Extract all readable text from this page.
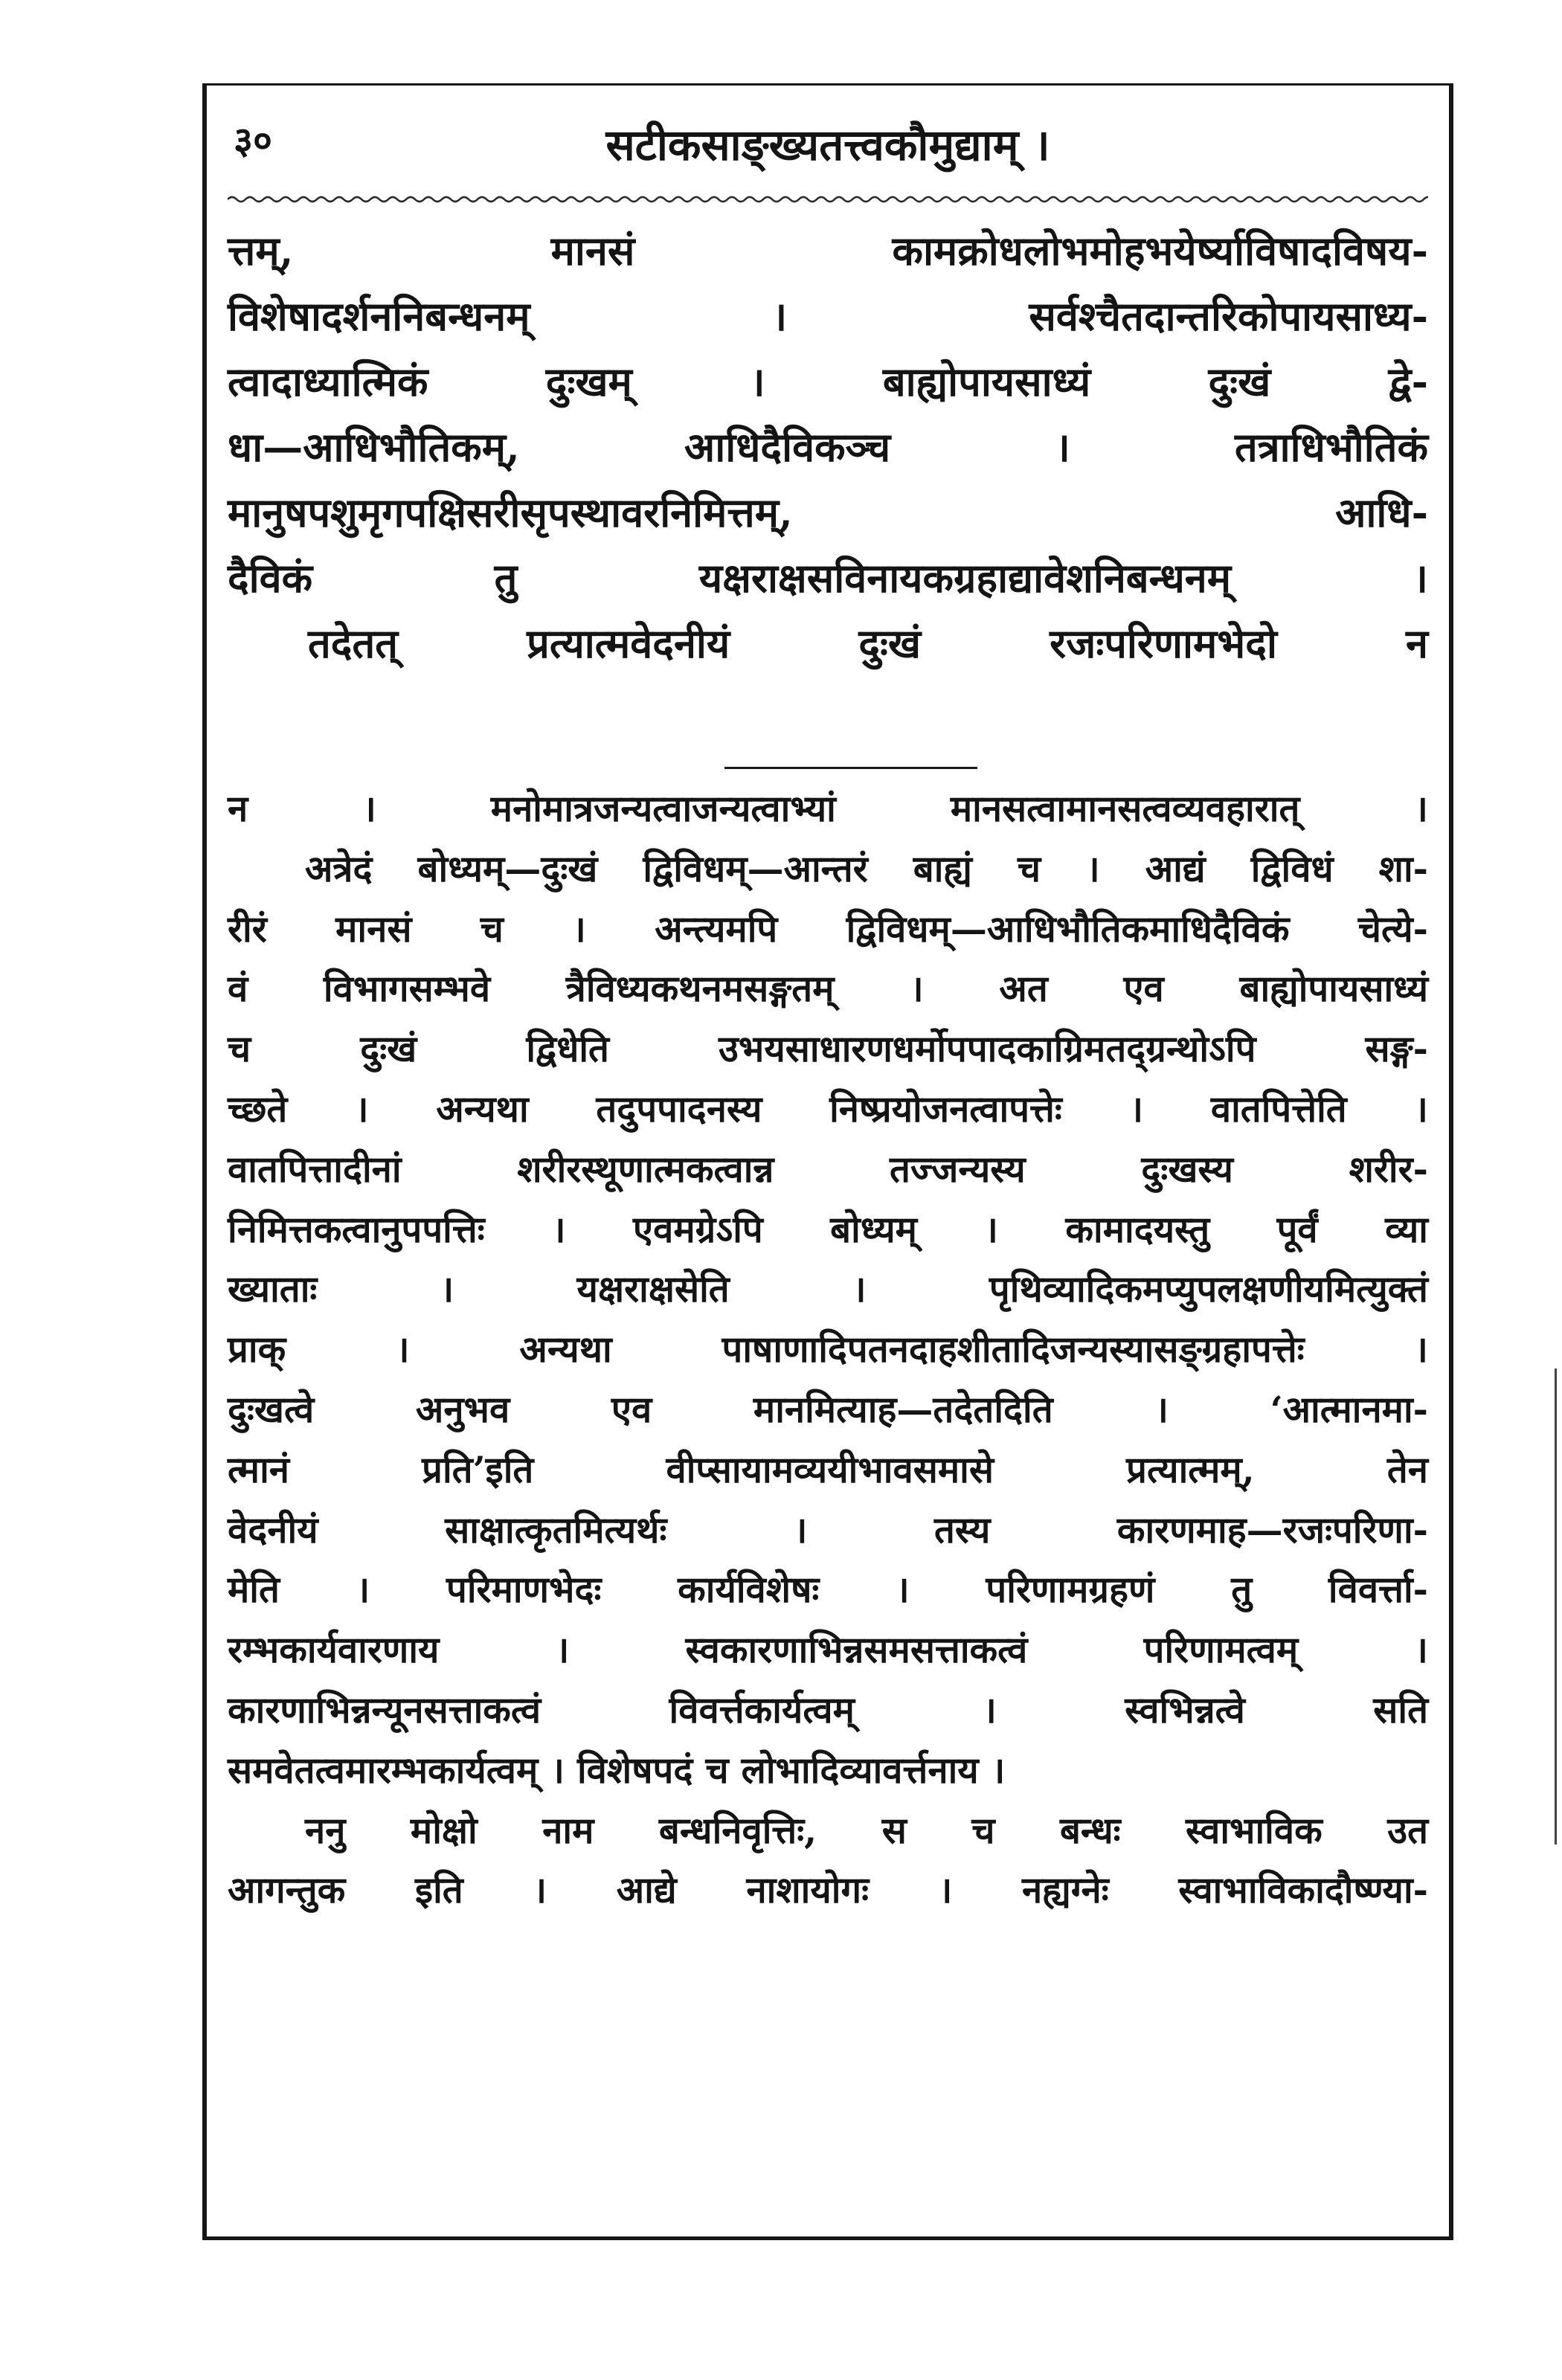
३०	सटीकसाङ्ख्यतत्त्वकौमुद्याम् ।
त्तम्, मानसं कामक्रोधलोभमोहभयेर्ष्याविषादविषय-
विशेषादर्शननिबन्धनम् । सर्वश्चैतदान्तरिकोपायसाध्य-
त्वादाध्यात्मिकं दुःखम् । बाह्योपायसाध्यं दुःखं द्वे-
धा—आधिभौतिकम्, आधिदैविकञ्च । तत्राधिभौतिकं
मानुषपशुमृगपक्षिसरीसृपस्थावरनिमित्तम्, आधि-
दैविकं तु यक्षराक्षसविनायकग्रहाद्यावेशनिबन्धनम् ।
तदेतत् प्रत्यात्मवेदनीयं दुःखं रजःपरिणामभेदो न
न । मनोमात्रजन्यत्वाजन्यत्वाभ्यां मानसत्वामानसत्वव्यवहारात् ।
अत्रेदं बोध्यम्—दुःखं द्विविधम्—आन्तरं बाह्यं च । आद्यं द्विविधं शा-
रीरं मानसं च । अन्त्यमपि द्विविधम्—आधिभौतिकमाधिदैविकं चेत्ये-
वं विभागसम्भवे त्रैविध्यकथनमसङ्गतम् । अत एव बाह्योपायसाध्यं
च दुःखं द्विधेति उभयसाधारणधर्मोपपादकाग्रिमतद्ग्रन्थोऽपि सङ्ग-
च्छते । अन्यथा तदुपपादनस्य निष्प्रयोजनत्वापत्तेः । वातपित्तेति ।
वातपित्तादीनां शरीरस्थूणात्मकत्वान्न तज्जन्यस्य दुःखस्य शरीर-
निमित्तकत्वानुपपत्तिः । एवमग्रेऽपि बोध्यम् । कामादयस्तु पूर्वं व्या
ख्याताः । यक्षराक्षसेति । पृथिव्यादिकमप्युपलक्षणीयमित्युक्तं
प्राक् । अन्यथा पाषाणादिपतनदाहशीतादिजन्यस्यासङ्ग्रहापत्तेः ।
दुःखत्वे अनुभव एव मानमित्याह—तदेतदिति । ‘आत्मानमा-
त्मानं प्रति’इति वीप्सायामव्ययीभावसमासे प्रत्यात्मम्, तेन
वेदनीयं साक्षात्कृतमित्यर्थः । तस्य कारणमाह—रजःपरिणा-
मेति । परिमाणभेदः कार्यविशेषः । परिणामग्रहणं तु विवर्त्ता-
रम्भकार्यवारणाय । स्वकारणाभिन्नसमसत्ताकत्वं परिणामत्वम् ।
कारणाभिन्नन्यूनसत्ताकत्वं विवर्त्तकार्यत्वम् । स्वभिन्नत्वे सति
समवेतत्वमारम्भकार्यत्वम् । विशेषपदं च लोभादिव्यावर्त्तनाय ।
ननु मोक्षो नाम बन्धनिवृत्तिः, स च बन्धः स्वाभाविक उत
आगन्तुक इति । आद्ये नाशायोगः । नह्यग्नेः स्वाभाविकादौष्ण्या-
